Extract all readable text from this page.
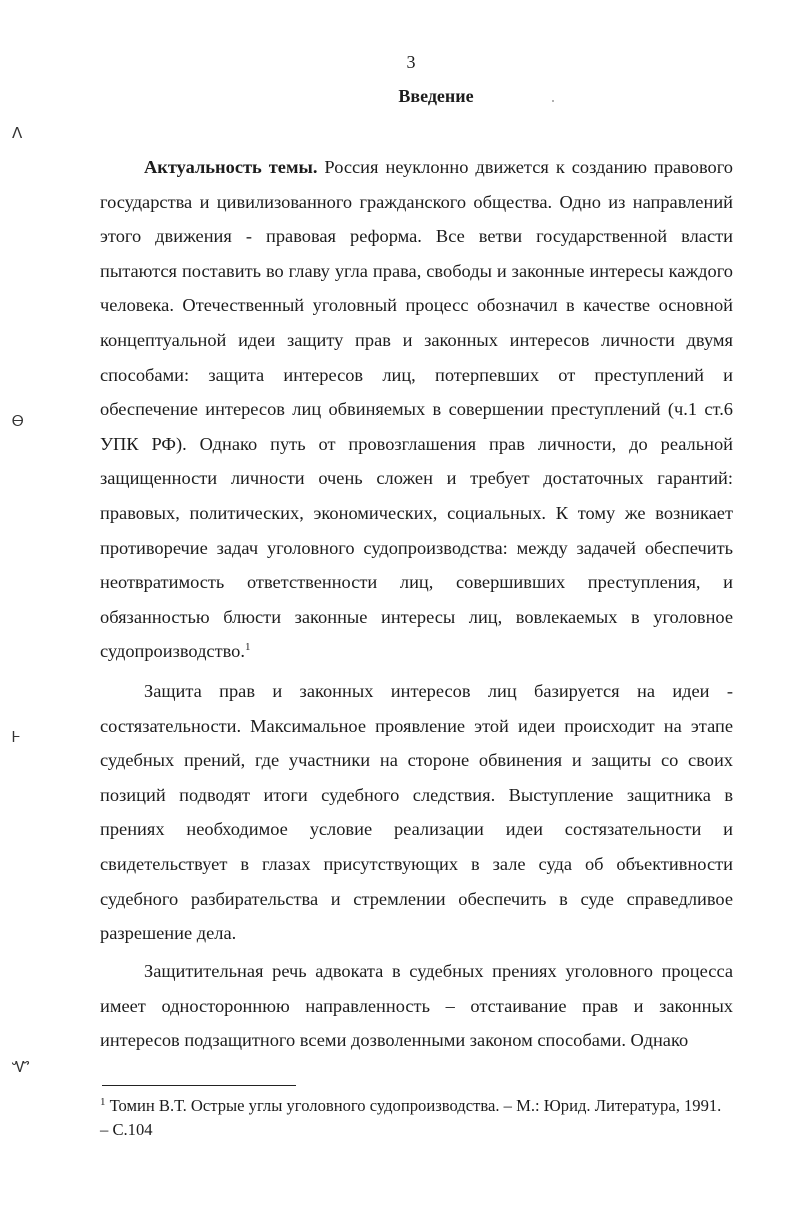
3
Введение
ⴷ
Ꮎ
Ꮀ
Ꮙ

Актуальность темы. Россия неуклонно движется к созданию правового государства и цивилизованного гражданского общества. Одно из направлений этого движения - правовая реформа. Все ветви государственной власти пытаются поставить во главу угла права, свободы и законные интересы каждого человека. Отечественный уголовный процесс обозначил в качестве основной концептуальной идеи защиту прав и законных интересов личности двумя способами: защита интересов лиц, потерпевших от преступлений и обеспечение интересов лиц обвиняемых в совершении преступлений (ч.1 ст.6 УПК РФ). Однако путь от провозглашения прав личности, до реальной защищенности личности очень сложен и требует достаточных гарантий: правовых, политических, экономических, социальных. К тому же возникает противоречие задач уголовного судопроизводства: между задачей обеспечить неотвратимость ответственности лиц, совершивших преступления, и обязанностью блюсти законные интересы лиц, вовлекаемых в уголовное судопроизводство.$^1$

Защита прав и законных интересов лиц базируется на идеи - состязательности. Максимальное проявление этой идеи происходит на этапе судебных прений, где участники на стороне обвинения и защиты со своих позиций подводят итоги судебного следствия. Выступление защитника в прениях необходимое условие реализации идеи состязательности и свидетельствует в глазах присутствующих в зале суда об объективности судебного разбирательства и стремлении обеспечить в суде справедливое разрешение дела.

Защитительная речь адвоката в судебных прениях уголовного процесса имеет одностороннюю направленность – отстаивание прав и законных интересов подзащитного всеми дозволенными законом способами. Однако

$^1$ Томин В.Т. Острые углы уголовного судопроизводства. – М.: Юрид. Литература, 1991. – С.104
